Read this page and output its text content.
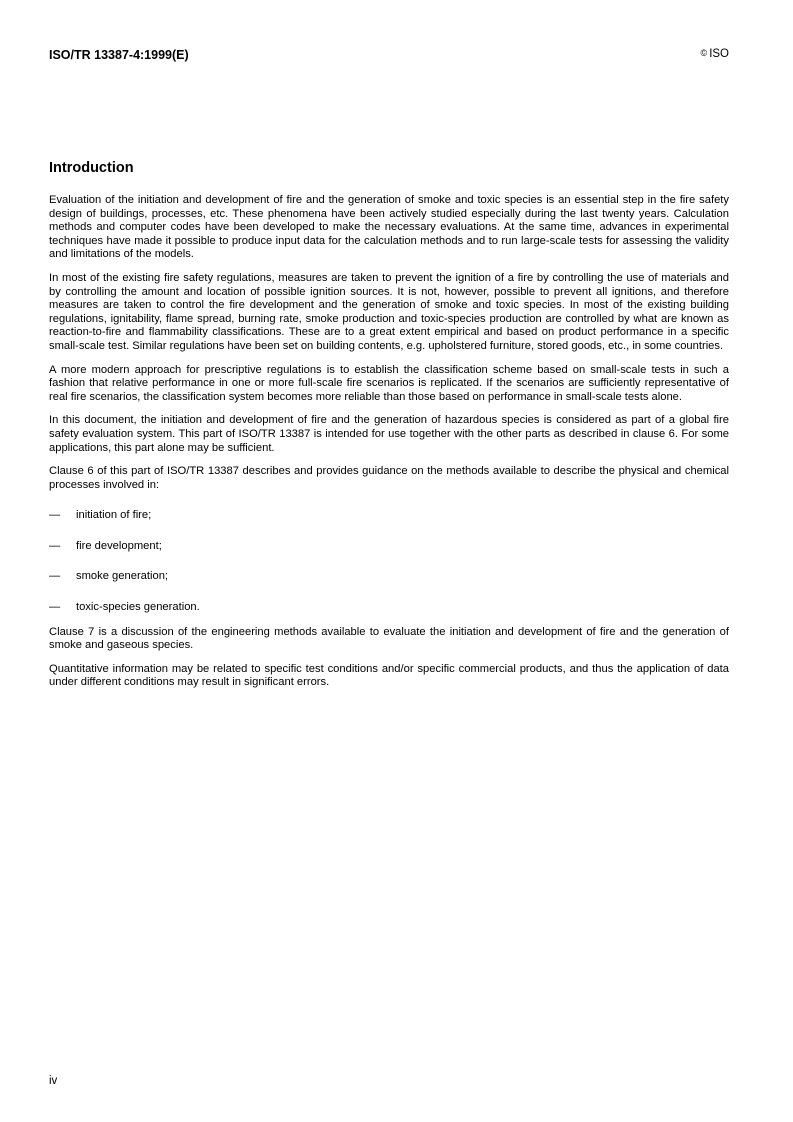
ISO/TR 13387-4:1999(E)	© ISO
Introduction

Evaluation of the initiation and development of fire and the generation of smoke and toxic species is an essential step in the fire safety design of buildings, processes, etc. These phenomena have been actively studied especially during the last twenty years. Calculation methods and computer codes have been developed to make the necessary evaluations. At the same time, advances in experimental techniques have made it possible to produce input data for the calculation methods and to run large-scale tests for assessing the validity and limitations of the models.

In most of the existing fire safety regulations, measures are taken to prevent the ignition of a fire by controlling the use of materials and by controlling the amount and location of possible ignition sources. It is not, however, possible to prevent all ignitions, and therefore measures are taken to control the fire development and the generation of smoke and toxic species. In most of the existing building regulations, ignitability, flame spread, burning rate, smoke production and toxic-species production are controlled by what are known as reaction-to-fire and flammability classifications. These are to a great extent empirical and based on product performance in a specific small-scale test. Similar regulations have been set on building contents, e.g. upholstered furniture, stored goods, etc., in some countries.

A more modern approach for prescriptive regulations is to establish the classification scheme based on small-scale tests in such a fashion that relative performance in one or more full-scale fire scenarios is replicated. If the scenarios are sufficiently representative of real fire scenarios, the classification system becomes more reliable than those based on performance in small-scale tests alone.

In this document, the initiation and development of fire and the generation of hazardous species is considered as part of a global fire safety evaluation system. This part of ISO/TR 13387 is intended for use together with the other parts as described in clause 6. For some applications, this part alone may be sufficient.

Clause 6 of this part of ISO/TR 13387 describes and provides guidance on the methods available to describe the physical and chemical processes involved in:

—	initiation of fire;
—	fire development;
—	smoke generation;
—	toxic-species generation.

Clause 7 is a discussion of the engineering methods available to evaluate the initiation and development of fire and the generation of smoke and gaseous species.

Quantitative information may be related to specific test conditions and/or specific commercial products, and thus the application of data under different conditions may result in significant errors.

iv
